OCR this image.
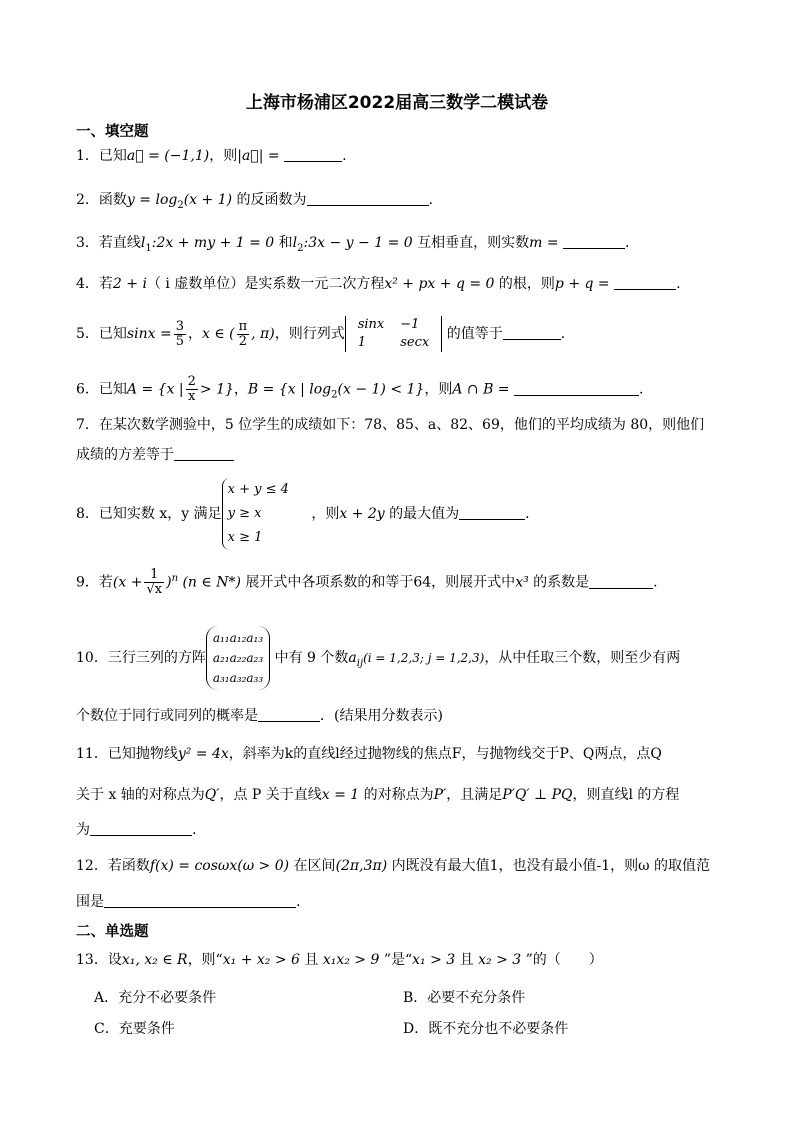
上海市杨浦区2022届高三数学二模试卷
一、填空题
1．已知a⃗ = (−1,1)，则|a⃗| =	.
2．函数$y = \log_2(x + 1)$ 的反函数为	.
3．若直线$l_1:2x$ + my + 1 = 0 和$l_2:3x - y - 1 = 0$ 互相垂直，则实数m =	.
4．若2 + i（ i 虚数单位）是实系数一元二次方程x² + px + q = 0 的根，则p + q =	.
5．已知$\sin x = \frac{3}{5}$ ，x ∈ ( $\frac{\pi}{2}$ , π)，则行列式
sinx	−1
1	secx
的值等于	.
6．已知A = {x | $\frac{2}{x} > 1$}，B = {x | $\log_2(x - 1) < 1$}，则A ∩ B =	.
7．在某次数学测验中，5 位学生的成绩如下：78、85、a、82、69，他们的平均成绩为 80，则他们
成绩的方差等于
8．已知实数 x，y 满足
x + y ≤ 4
y ≥ x
x ≥ 1
，则x + 2y 的最大值为	.
9．若$(x + \frac{1}{√x} )^n$ (n ∈ N*) 展开式中各项系数的和等于64，则展开式中x³ 的系数是	.
10．三行三列的方阵
a₁₁a₁₂a₁₃
a₂₁a₂₂a₂₃
a₃₁a₃₂a₃₃
中有 9 个数$a_{ij}(i = 1,2,3$; j = 1,2,3)，从中任取三个数，则至少有两
个数位于同行或同列的概率是	．(结果用分数表示)
11．已知抛物线y² = 4x，斜率为k的直线l经过抛物线的焦点F，与抛物线交于P、Q两点，点Q
关于 x 轴的对称点为Q′，点 P 关于直线x = 1 的对称点为P′，且满足P′Q′ ⊥ PQ，则直线l 的方程
为	.
12．若函数f(x) = cosωx(ω > 0) 在区间(2π,3π) 内既没有最大值1，也没有最小值-1，则ω 的取值范
围是	.
二、单选题
13．设x₁, x₂ ∈ R，则“x₁ + x₂ > 6 且 x₁x₂ > 9 ”是“x₁ > 3 且 x₂ > 3 ”的（　　）
A．充分不必要条件	B．必要不充分条件
C．充要条件	D．既不充分也不必要条件
